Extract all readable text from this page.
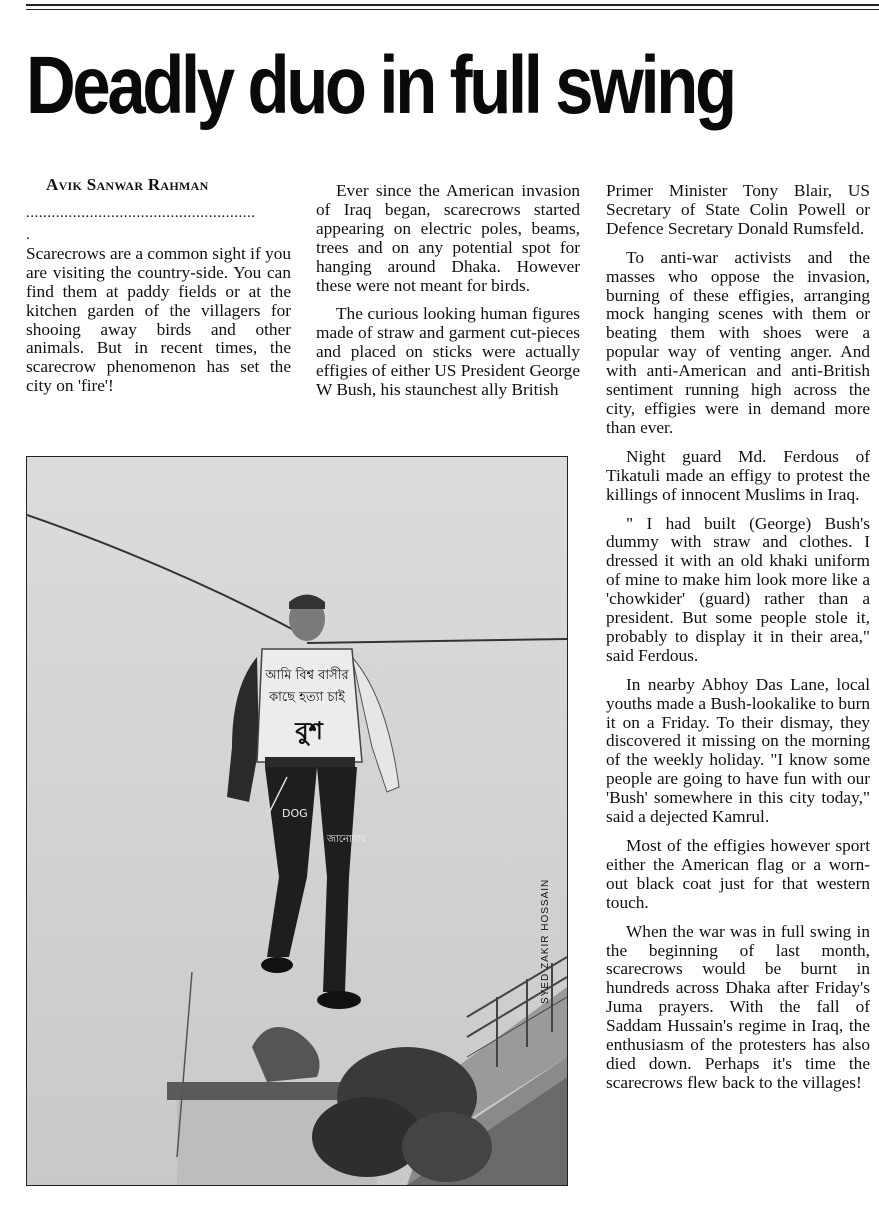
Deadly duo in full swing

Avik Sanwar Rahman

......................................................
.

Scarecrows are a common sight if you are visiting the country-side. You can find them at paddy fields or at the kitchen garden of the villagers for shooing away birds and other animals. But in recent times, the scarecrow phenomenon has set the city on 'fire'!

Ever since the American invasion of Iraq began, scarecrows started appearing on electric poles, beams, trees and on any potential spot for hanging around Dhaka. However these were not meant for birds.

The curious looking human figures made of straw and garment cut-pieces and placed on sticks were actually effigies of either US President George W Bush, his staunchest ally British

Primer Minister Tony Blair, US Secretary of State Colin Powell or Defence Secretary Donald Rumsfeld.

To anti-war activists and the masses who oppose the invasion, burning of these effigies, arranging mock hanging scenes with them or beating them with shoes were a popular way of venting anger. And with anti-American and anti-British sentiment running high across the city, effigies were in demand more than ever.

Night guard Md. Ferdous of Tikatuli made an effigy to protest the killings of innocent Muslims in Iraq.

" I had built (George) Bush's dummy with straw and clothes. I dressed it with an old khaki uniform of mine to make him look more like a 'chowkider' (guard) rather than a president. But some people stole it, probably to display it in their area," said Ferdous.

In nearby Abhoy Das Lane, local youths made a Bush-lookalike to burn it on a Friday. To their dismay, they discovered it missing on the morning of the weekly holiday. "I know some people are going to have fun with our 'Bush' somewhere in this city today," said a dejected Kamrul.

Most of the effigies however sport either the American flag or a worn-out black coat just for that western touch.

When the war was in full swing in the beginning of last month, scarecrows would be burnt in hundreds across Dhaka after Friday's Juma prayers. With the fall of Saddam Hussain's regime in Iraq, the enthusiasm of the protesters has also died down. Perhaps it's time the scarecrows flew back to the villages!

আমি বিশ্ব বাসীর
কাছে হত্যা চাই
বুশ
DOG
জানোয়ার
SYED ZAKIR HOSSAIN
